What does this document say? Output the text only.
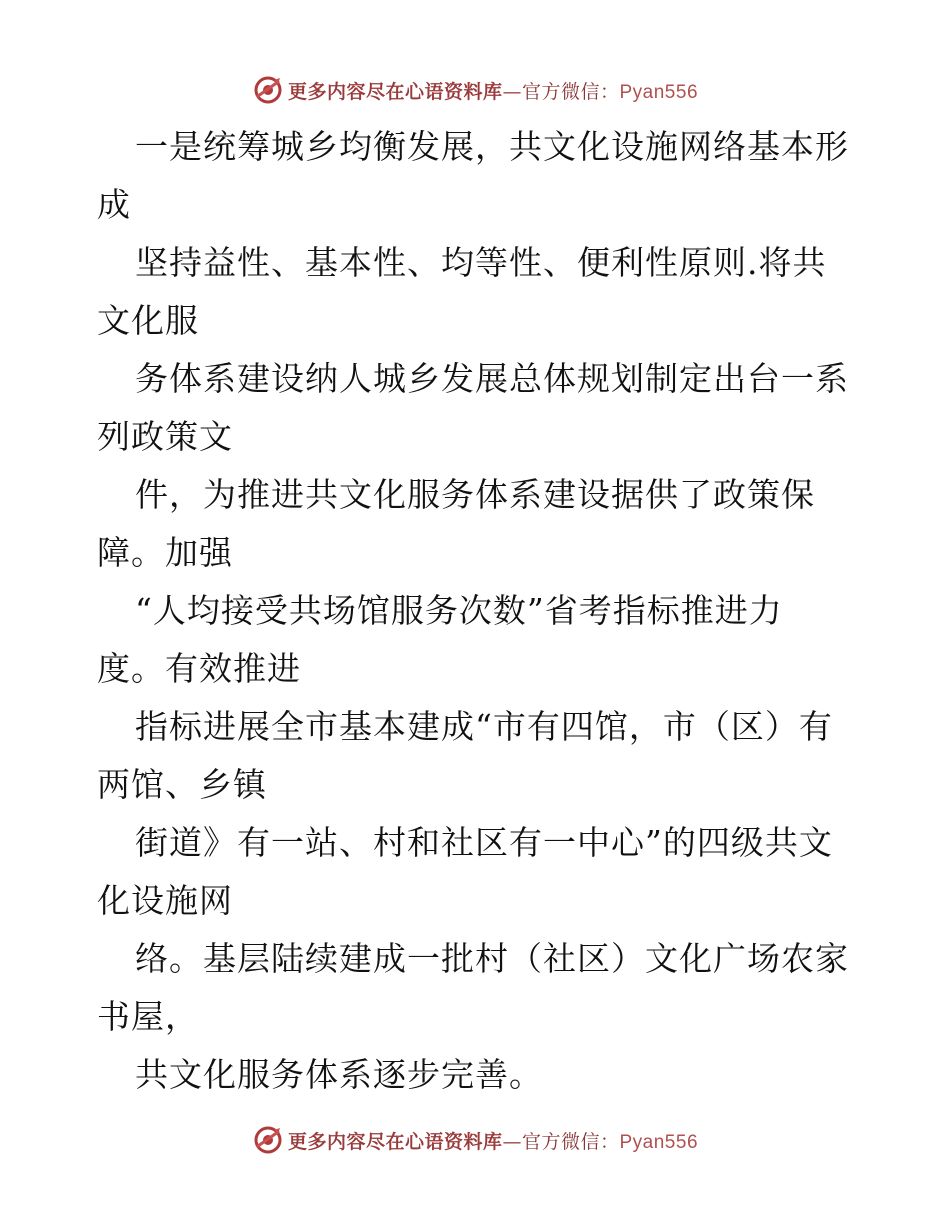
更多内容尽在心语资料库—官方微信：Pyan556
一是统筹城乡均衡发展，共文化设施网络基本形
成
坚持益性、基本性、均等性、便利性原则.将共
文化服
务体系建设纳人城乡发展总体规划制定出台一系
列政策文
件，为推进共文化服务体系建设据供了政策保
障。加强
“人均接受共场馆服务次数”省考指标推进力
度。有效推进
指标进展全市基本建成“市有四馆，市（区）有
两馆、乡镇
街道》有一站、村和社区有一中心”的四级共文
化设施网
络。基层陆续建成一批村（社区）文化广场农家
书屋，
共文化服务体系逐步完善。
更多内容尽在心语资料库—官方微信：Pyan556
